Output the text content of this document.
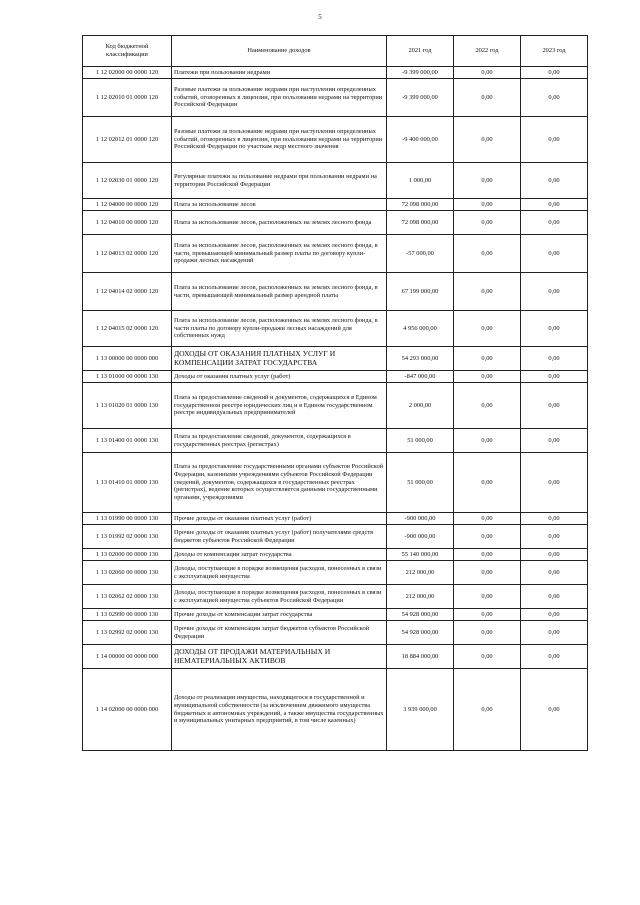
5
Код бюджетной классификации	Наименование доходов	2021 год	2022 год	2023 год
1 12 02000 00 0000 120	Платежи при пользовании недрами	-9 399 000,00	0,00	0,00
1 12 02010 01 0000 120	Разовые платежи за пользование недрами при наступлении определенных событий, оговоренных в лицензии, при пользовании недрами на территории Российской Федерации	-9 399 000,00	0,00	0,00
1 12 02012 01 0000 120	Разовые платежи за пользование недрами при наступлении определенных событий, оговоренных в лицензии, при пользовании недрами на территории Российской Федерации по участкам недр местного значения	-9 400 000,00	0,00	0,00
1 12 02030 01 0000 120	Регулярные платежи за пользование недрами при пользовании недрами на территории Российской Федерации	1 000,00	0,00	0,00
1 12 04000 00 0000 120	Плата за использование лесов	72 098 000,00	0,00	0,00
1 12 04010 00 0000 120	Плата за использование лесов, расположенных на землях лесного фонда	72 098 000,00	0,00	0,00
1 12 04013 02 0000 120	Плата за использование лесов, расположенных на землях лесного фонда, в части, превышающей минимальный размер платы по договору купли-продажи лесных насаждений	-57 000,00	0,00	0,00
1 12 04014 02 0000 120	Плата за использование лесов, расположенных на землях лесного фонда, в части, превышающей минимальный размер арендной платы	67 199 000,00	0,00	0,00
1 12 04015 02 0000 120	Плата за использование лесов, расположенных на землях лесного фонда, в части платы по договору купли-продажи лесных насаждений для собственных нужд	4 956 000,00	0,00	0,00
1 13 00000 00 0000 000	ДОХОДЫ ОТ ОКАЗАНИЯ ПЛАТНЫХ УСЛУГ И КОМПЕНСАЦИИ ЗАТРАТ ГОСУДАРСТВА	54 293 000,00	0,00	0,00
1 13 01000 00 0000 130	Доходы от оказания платных услуг (работ)	-847 000,00	0,00	0,00
1 13 01020 01 0000 130	Плата за предоставление сведений и документов, содержащихся в Едином государственном реестре юридических лиц и в Едином государственном реестре индивидуальных предпринимателей	2 000,00	0,00	0,00
1 13 01400 01 0000 130	Плата за предоставление сведений, документов, содержащихся в государственных реестрах (регистрах)	51 000,00	0,00	0,00
1 13 01410 01 0000 130	Плата за предоставление государственными органами субъектов Российской Федерации, казенными учреждениями субъектов Российской Федерации сведений, документов, содержащихся в государственных реестрах (регистрах), ведение которых осуществляется данными государственными органами, учреждениями	51 000,00	0,00	0,00
1 13 01990 00 0000 130	Прочие доходы от оказания платных услуг (работ)	-900 000,00	0,00	0,00
1 13 01992 02 0000 130	Прочие доходы от оказания платных услуг (работ) получателями средств бюджетов субъектов Российской Федерации	-900 000,00	0,00	0,00
1 13 02000 00 0000 130	Доходы от компенсации затрат государства	55 140 000,00	0,00	0,00
1 13 02060 00 0000 130	Доходы, поступающие в порядке возмещения расходов, понесенных в связи с эксплуатацией имущества	212 000,00	0,00	0,00
1 13 02062 02 0000 130	Доходы, поступающие в порядке возмещения расходов, понесенных в связи с эксплуатацией имущества субъектов Российской Федерации	212 000,00	0,00	0,00
1 13 02990 00 0000 130	Прочие доходы от компенсации затрат государства	54 928 000,00	0,00	0,00
1 13 02992 02 0000 130	Прочие доходы от компенсации затрат бюджетов субъектов Российской Федерации	54 928 000,00	0,00	0,00
1 14 00000 00 0000 000	ДОХОДЫ ОТ ПРОДАЖИ МАТЕРИАЛЬНЫХ И НЕМАТЕРИАЛЬНЫХ АКТИВОВ	18 884 000,00	0,00	0,00
1 14 02000 00 0000 000	Доходы от реализации имущества, находящегося в государственной и муниципальной собственности (за исключением движимого имущества бюджетных и автономных учреждений, а также имущества государственных и муниципальных унитарных предприятий, в том числе казенных)	3 939 000,00	0,00	0,00
